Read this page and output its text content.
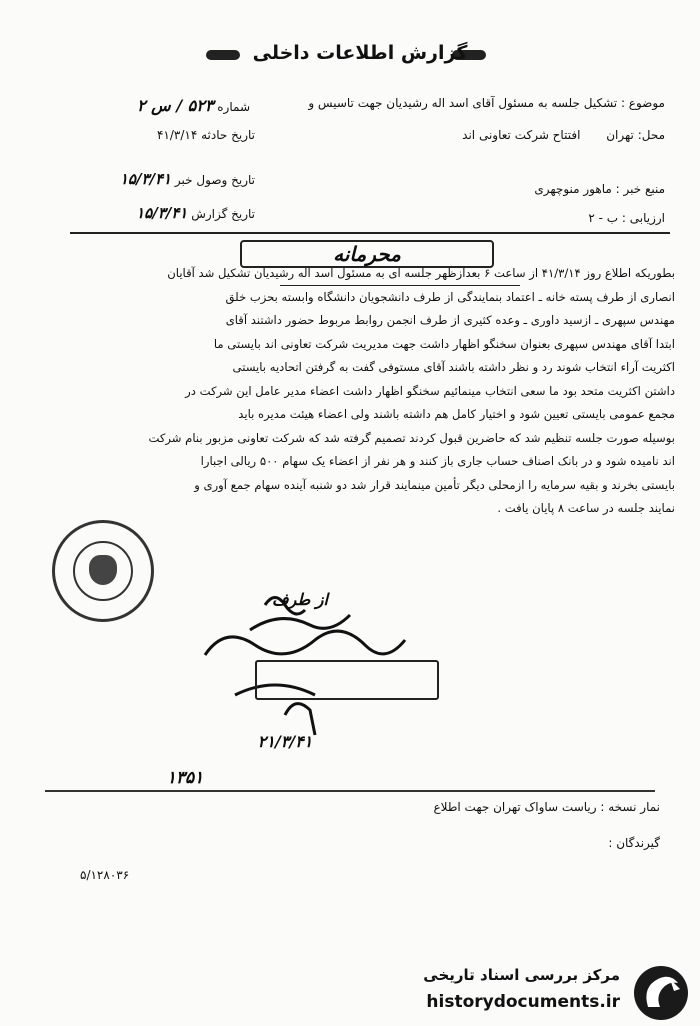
گزارش اطلاعات داخلی
موضوع : تشکیل جلسه به مسئول آقای اسد اله رشیدیان جهت تاسیس و
شماره ۵۲۳ / س ۲
محل: تهران افتتاح شرکت تعاونی اند
تاریخ حادثه ۴۱/۳/۱۴
منبع خبر : ماهور منوچهری
تاریخ وصول خبر ۱۵/۳/۴۱
تاریخ گزارش ۱۵/۳/۴۱	ارزیابی : ب - ۲
محرمانه

بطوریکه اطلاع روز ۴۱/۳/۱۴ از ساعت ۶ بعدازظهر جلسه ای به مسئول اسد اله رشیدیان تشکیل شد آقایان

انصاری از طرف پسته خانه ـ اعتماد بنمایندگی از طرف دانشجویان دانشگاه وابسته بحزب خلق

مهندس سپهری ـ ازسید داوری ـ وعده کثیری از طرف انجمن روابط مربوط حضور داشتند آقای

ابتدا آقای مهندس سپهری بعنوان سخنگو اظهار داشت جهت مدیریت شرکت تعاونی اند بایستی ما

اکثریت آراء انتخاب شوند رد و نظر داشته باشند آقای مستوفی گفت به گرفتن اتحادیه بایستی

داشتن اکثریت متحد بود ما سعی انتخاب مینمائیم سخنگو اظهار داشت اعضاء مدیر عامل این شرکت در

مجمع عمومی بایستی تعیین شود و اختیار کامل هم داشته باشند ولی اعضاء هیئت مدیره باید

بوسیله صورت جلسه تنظیم شد که حاضرین قبول کردند تصمیم گرفته شد که شرکت تعاونی مزبور بنام شرکت

اند نامیده شود و در بانک اصناف حساب جاری باز کنند و هر نفر از اعضاء یک سهام ۵۰۰ ریالی اجبارا

بایستی بخرند و بقیه سرمایه را ازمحلی دیگر تأمین مینمایند قرار شد دو شنبه آینده سهام جمع آوری و

نمایند جلسه در ساعت ۸ پایان یافت .

از طرف
۲۱/۳/۴۱
۱۳۵۱
نمار نسخه : ریاست ساواک تهران جهت اطلاع
گیرندگان :
۵/۱۲۸۰۳۶
مرکز بررسی اسناد تاریخی
historydocuments.ir
